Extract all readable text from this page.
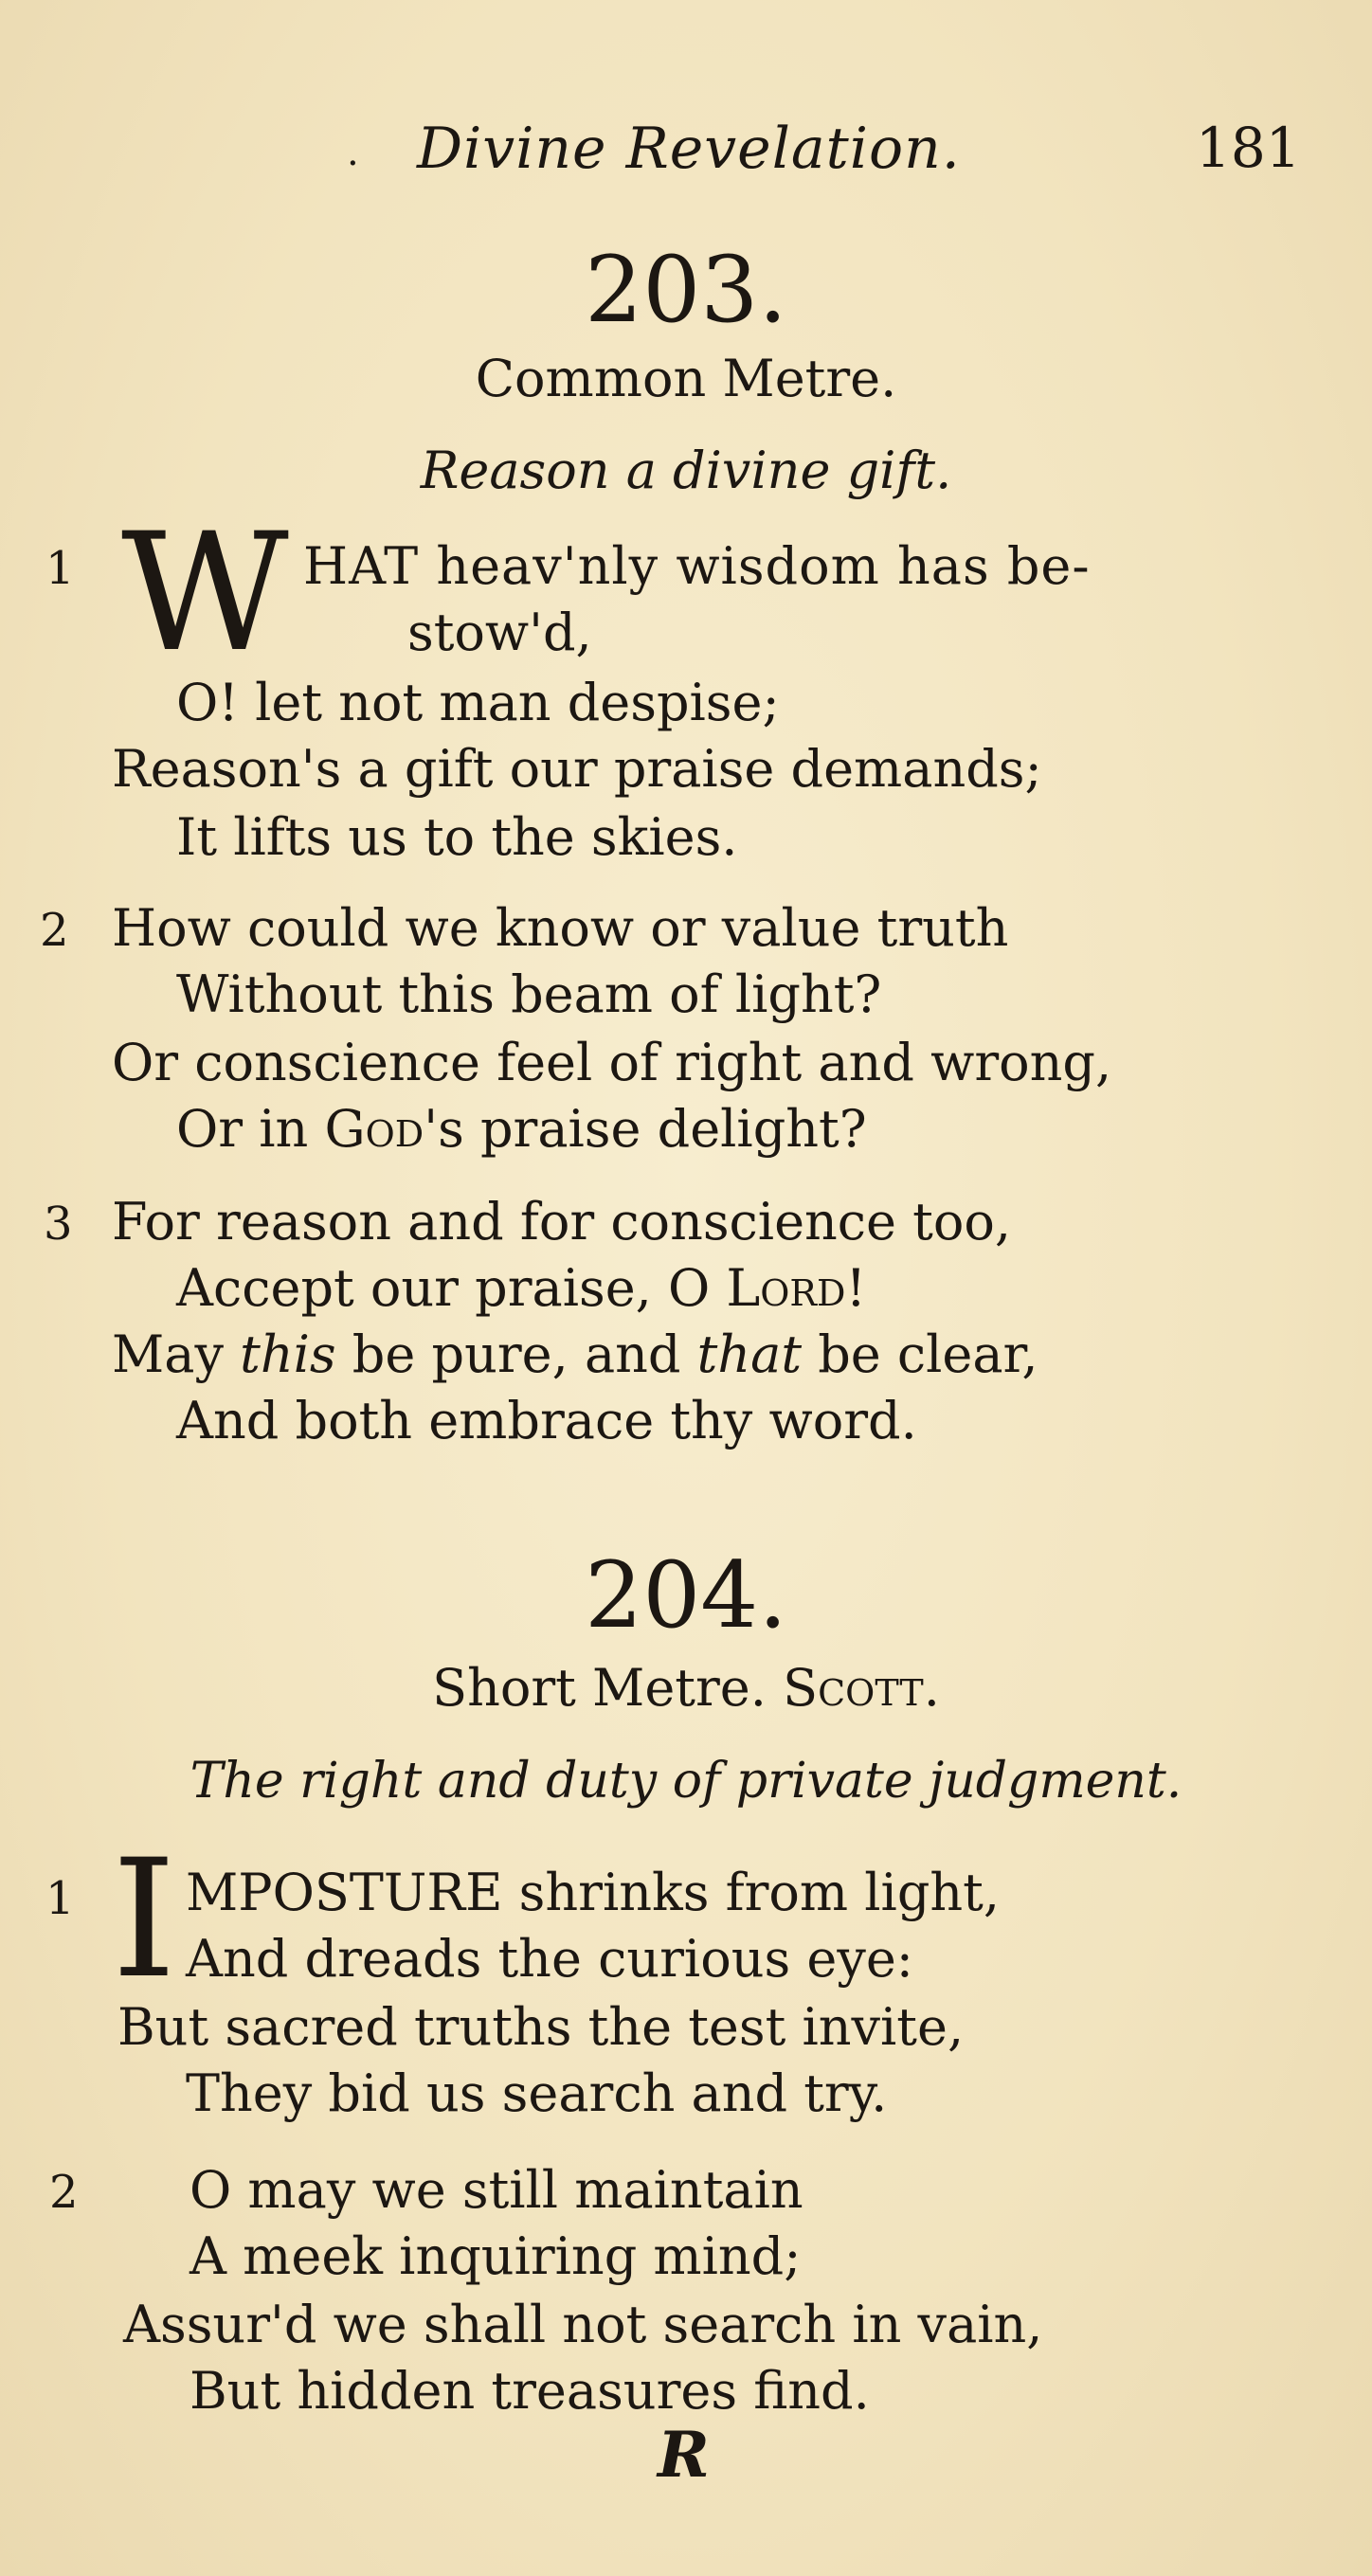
. Divine Revelation.	181
203.
Common Metre.
Reason a divine gift.
1 W HAT heav'nly wisdom has be-
stow'd,
O! let not man despise;
Reason's a gift our praise demands;
It lifts us to the skies.
2 How could we know or value truth
Without this beam of light?
Or conscience feel of right and wrong,
Or in God's praise delight?
3 For reason and for conscience too,
Accept our praise, O Lord!
May this be pure, and that be clear,
And both embrace thy word.
204.
Short Metre. Scott.
The right and duty of private judgment.
1 I MPOSTURE shrinks from light,
And dreads the curious eye:
But sacred truths the test invite,
They bid us search and try.
2 O may we still maintain
A meek inquiring mind;
Assur'd we shall not search in vain,
But hidden treasures find.
R
